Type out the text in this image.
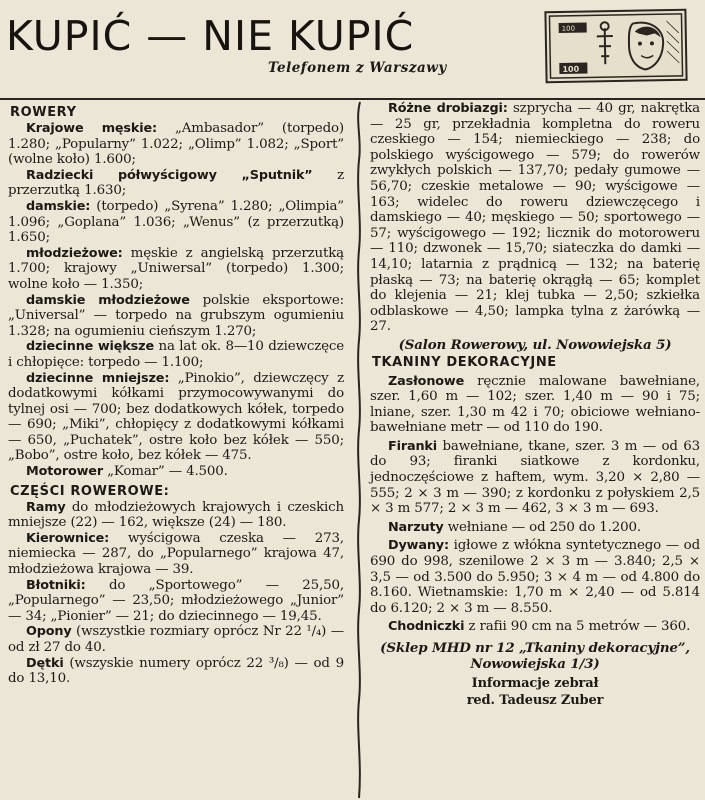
KUPIĆ — NIE KUPIĆ
Telefonem z Warszawy
100
100

ROWERY

Krajowe męskie: „Ambasador” (torpedo) 1.280; „Popularny” 1.022; „Olimp” 1.082; „Sport” (wolne koło) 1.600;

Radziecki półwyścigowy „Sputnik” z przerzutką 1.630;

damskie: (torpedo) „Syrena” 1.280; „Olimpia” 1.096; „Goplana” 1.036; „Wenus” (z przerzutką) 1.650;

młodzieżowe: męskie z angielską przerzutką 1.700; krajowy „Uniwersal” (torpedo) 1.300; wolne koło — 1.350;

damskie młodzieżowe polskie eksportowe: „Universal” — torpedo na grubszym ogumieniu 1.328; na ogumieniu cieńszym 1.270;

dziecinne większe na lat ok. 8—10 dziewczęce i chłopięce: torpedo — 1.100;

dziecinne mniejsze: „Pinokio”, dziewczęcy z dodatkowymi kółkami przymocowywanymi do tylnej osi — 700; bez dodatkowych kółek, torpedo — 690; „Miki”, chłopięcy z dodatkowymi kółkami — 650, „Puchatek”, ostre koło bez kółek — 550; „Bobo”, ostre koło, bez kółek — 475.

Motorower „Komar” — 4.500.

CZĘŚCI ROWEROWE:

Ramy do młodzieżowych krajowych i czeskich mniejsze (22) — 162, większe (24) — 180.

Kierownice: wyścigowa czeska — 273, niemiecka — 287, do „Popularnego” krajowa 47, młodzieżowa krajowa — 39.

Błotniki: do „Sportowego” — 25,50, „Popularnego” — 23,50; młodzieżowego „Junior” — 34; „Pionier” — 21; do dziecinnego — 19,45.

Opony (wszystkie rozmiary oprócz Nr 22 ¹/₄) — od zł 27 do 40.

Dętki (wszyskie numery oprócz 22 ³/₈) — od 9 do 13,10.

Różne drobiazgi: szprycha — 40 gr, nakrętka — 25 gr, przekładnia kompletna do roweru czeskiego — 154; niemieckiego — 238; do polskiego wyścigowego — 579; do rowerów zwykłych polskich — 137,70; pedały gumowe — 56,70; czeskie metalowe — 90; wyścigowe — 163; widelec do roweru dziewczęcego i damskiego — 40; męskiego — 50; sportowego — 57; wyścigowego — 192; licznik do motoroweru — 110; dzwonek — 15,70; siateczka do damki — 14,10; latarnia z prądnicą — 132; na baterię płaską — 73; na baterię okrągłą — 65; komplet do klejenia — 21; klej tubka — 2,50; szkiełka odblaskowe — 4,50; lampka tylna z żarówką — 27.

(Salon Rowerowy, ul. Nowowiejska 5)

TKANINY DEKORACYJNE

Zasłonowe ręcznie malowane bawełniane, szer. 1,60 m — 102; szer. 1,40 m — 90 i 75; lniane, szer. 1,30 m 42 i 70; obiciowe wełniano-bawełniane metr — od 110 do 190.

Firanki bawełniane, tkane, szer. 3 m — od 63 do 93; firanki siatkowe z kordonku, jednoczęściowe z haftem, wym. 3,20 × 2,80 — 555; 2 × 3 m — 390; z kordonku z połyskiem 2,5 × 3 m 577; 2 × 3 m — 462, 3 × 3 m — 693.

Narzuty wełniane — od 250 do 1.200.

Dywany: igłowe z włókna syntetycznego — od 690 do 998, szenilowe 2 × 3 m — 3.840; 2,5 × 3,5 — od 3.500 do 5.950; 3 × 4 m — od 4.800 do 8.160. Wietnamskie: 1,70 m × 2,40 — od 5.814 do 6.120; 2 × 3 m — 8.550.

Chodniczki z rafii 90 cm na 5 metrów — 360.

(Sklep MHD nr 12 „Tkaniny dekoracyjne”, Nowowiejska 1/3)

Informacje zebrał

red. Tadeusz Zuber
